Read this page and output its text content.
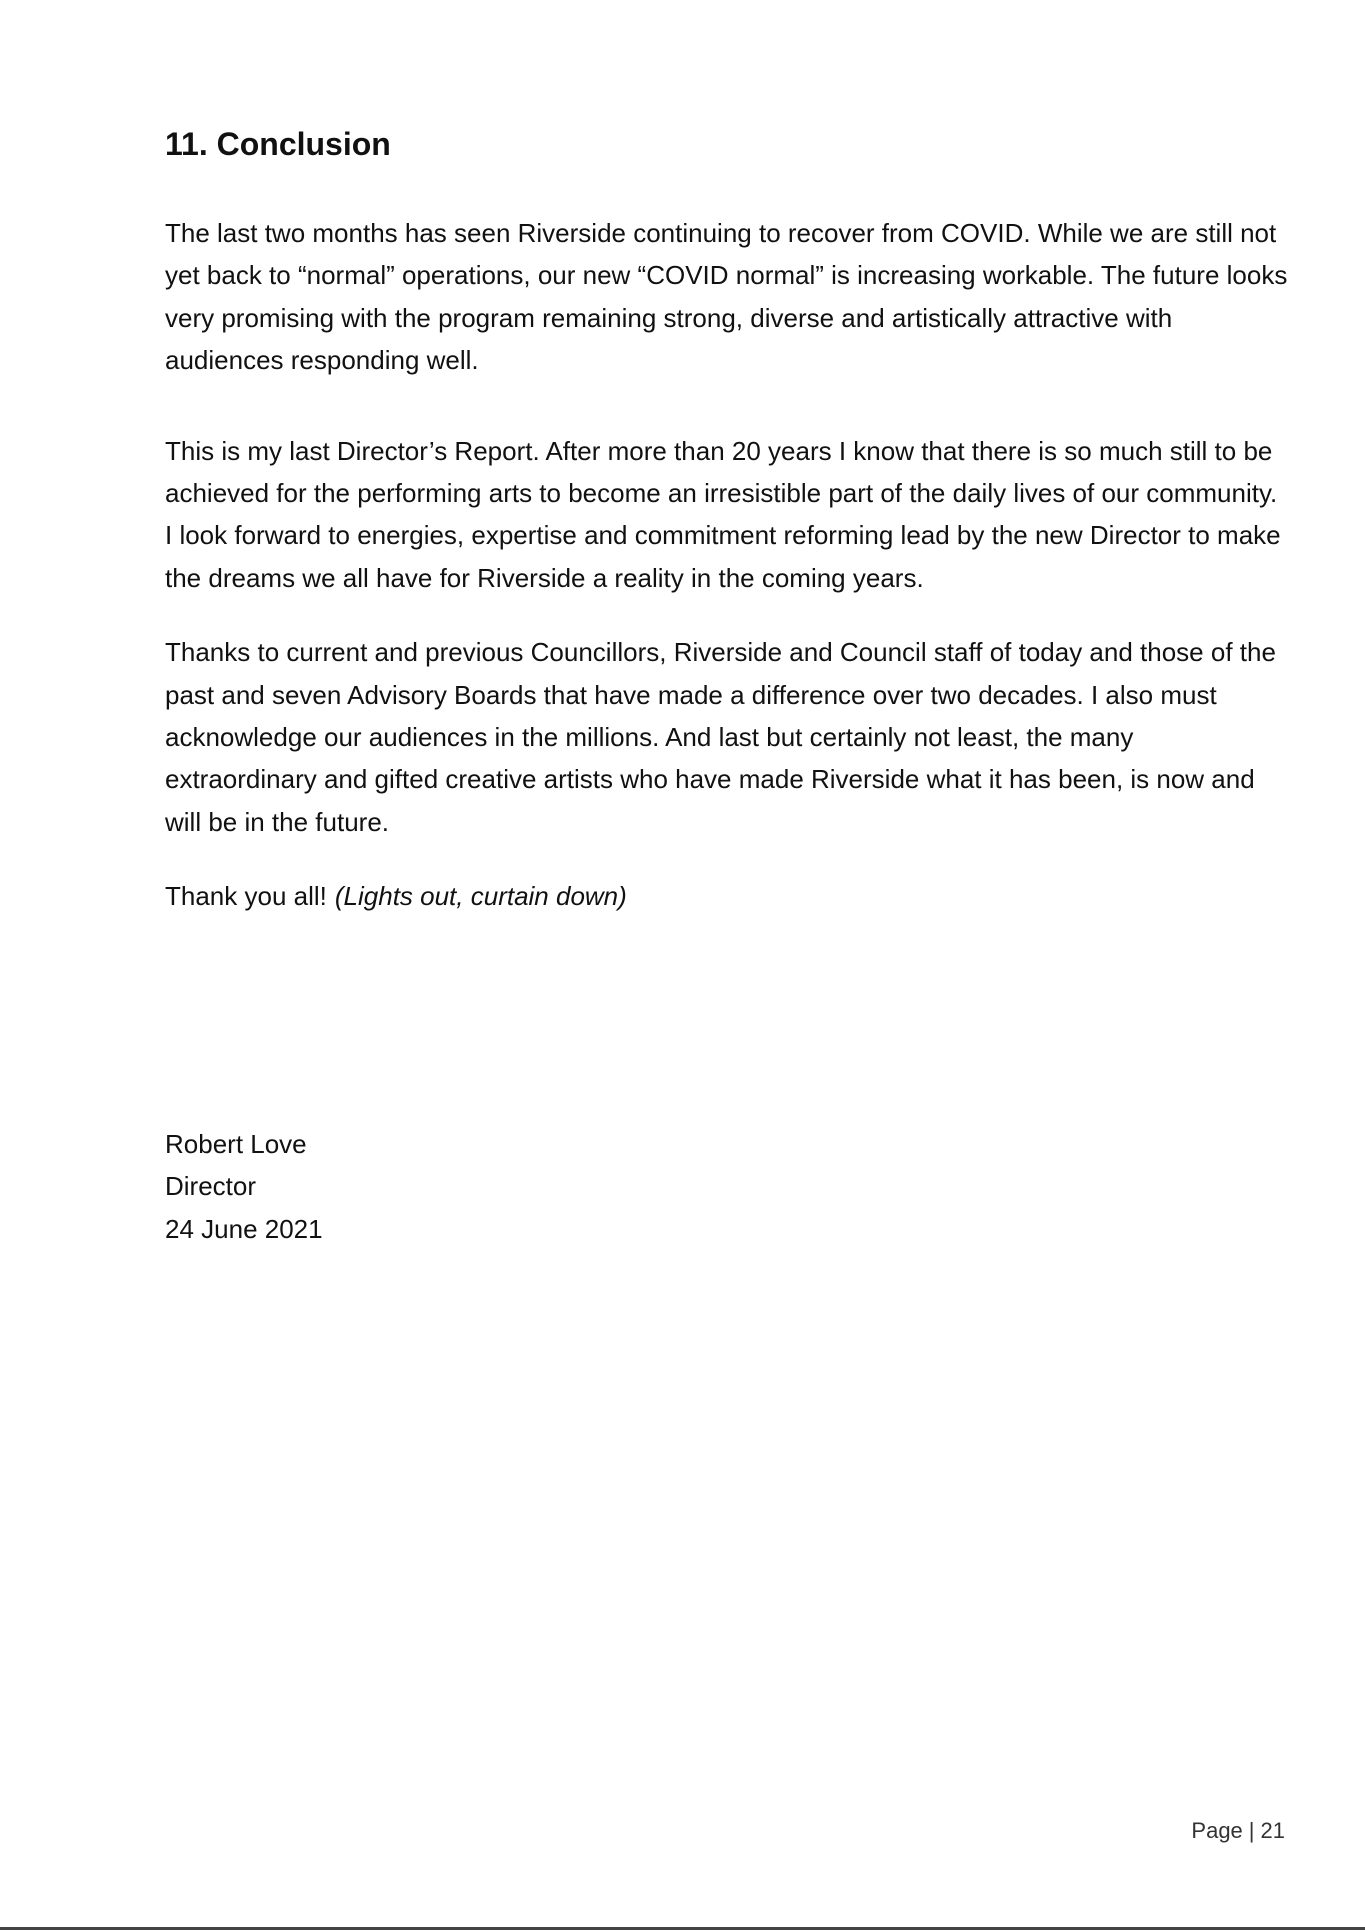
11. Conclusion

The last two months has seen Riverside continuing to recover from COVID. While we are still not yet back to “normal” operations, our new “COVID normal” is increasing workable. The future looks very promising with the program remaining strong, diverse and artistically attractive with audiences responding well.

This is my last Director’s Report. After more than 20 years I know that there is so much still to be achieved for the performing arts to become an irresistible part of the daily lives of our community. I look forward to energies, expertise and commitment reforming lead by the new Director to make the dreams we all have for Riverside a reality in the coming years.

Thanks to current and previous Councillors, Riverside and Council staff of today and those of the past and seven Advisory Boards that have made a difference over two decades. I also must acknowledge our audiences in the millions. And last but certainly not least, the many extraordinary and gifted creative artists who have made Riverside what it has been, is now and will be in the future.

Thank you all! (Lights out, curtain down)

Robert Love
Director
24 June 2021
Page | 21
